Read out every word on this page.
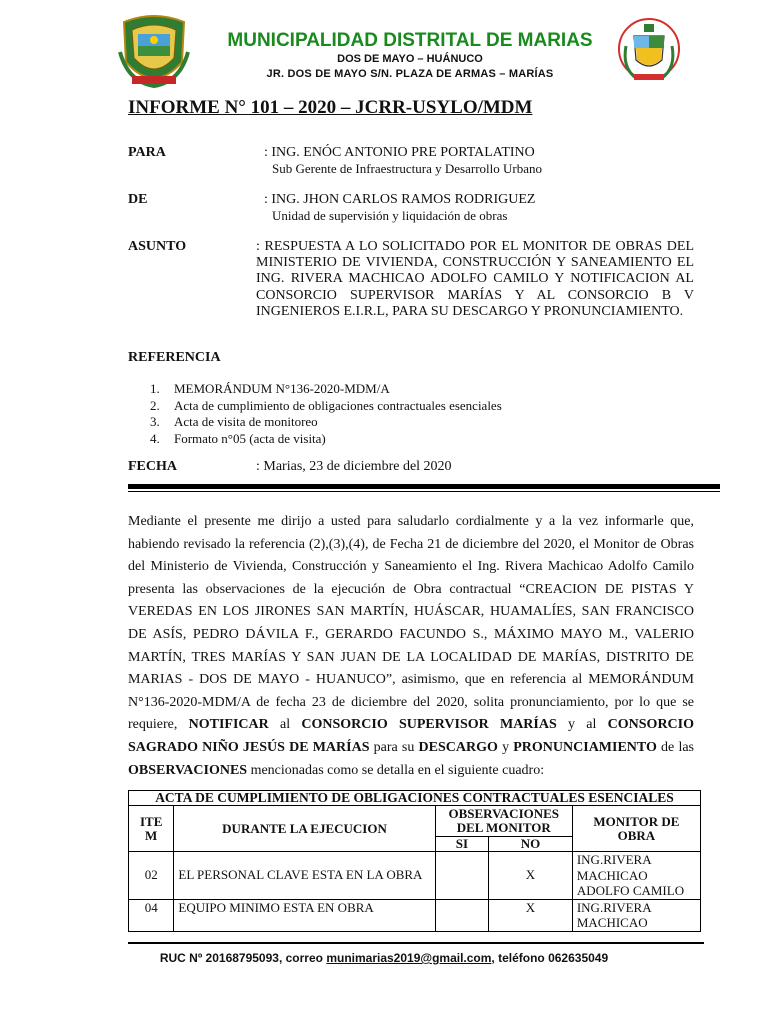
MUNICIPALIDAD DISTRITAL DE MARIAS
DOS DE MAYO – HUÁNUCO
JR. DOS DE MAYO S/N. PLAZA DE ARMAS – MARÍAS
INFORME N° 101 – 2020 – JCRR-USYLO/MDM
PARA	: ING. ENÓC ANTONIO PRE PORTALATINO
Sub Gerente de Infraestructura y Desarrollo Urbano
DE	: ING. JHON CARLOS RAMOS RODRIGUEZ
Unidad de supervisión y liquidación de obras
ASUNTO	: RESPUESTA A LO SOLICITADO POR EL MONITOR DE OBRAS DEL MINISTERIO DE VIVIENDA, CONSTRUCCIÓN Y SANEAMIENTO EL ING. RIVERA MACHICAO ADOLFO CAMILO Y NOTIFICACION AL CONSORCIO SUPERVISOR MARÍAS Y AL CONSORCIO B V INGENIEROS E.I.R.L, PARA SU DESCARGO Y PRONUNCIAMIENTO.
REFERENCIA
1. MEMORÁNDUM N°136-2020-MDM/A
2. Acta de cumplimiento de obligaciones contractuales esenciales
3. Acta de visita de monitoreo
4. Formato n°05 (acta de visita)
FECHA	: Marias, 23 de diciembre del 2020
Mediante el presente me dirijo a usted para saludarlo cordialmente y a la vez informarle que, habiendo revisado la referencia (2),(3),(4), de Fecha 21 de diciembre del 2020, el Monitor de Obras del Ministerio de Vivienda, Construcción y Saneamiento el Ing. Rivera Machicao Adolfo Camilo presenta las observaciones de la ejecución de Obra contractual “CREACION DE PISTAS Y VEREDAS EN LOS JIRONES SAN MARTÍN, HUÁSCAR, HUAMALÍES, SAN FRANCISCO DE ASÍS, PEDRO DÁVILA F., GERARDO FACUNDO S., MÁXIMO MAYO M., VALERIO MARTÍN, TRES MARÍAS Y SAN JUAN DE LA LOCALIDAD DE MARÍAS, DISTRITO DE MARIAS - DOS DE MAYO - HUANUCO”, asimismo, que en referencia al MEMORÁNDUM N°136-2020-MDM/A de fecha 23 de diciembre del 2020, solita pronunciamiento, por lo que se requiere, NOTIFICAR al CONSORCIO SUPERVISOR MARÍAS y al CONSORCIO SAGRADO NIÑO JESÚS DE MARÍAS para su DESCARGO y PRONUNCIAMIENTO de las OBSERVACIONES mencionadas como se detalla en el siguiente cuadro:
ACTA DE CUMPLIMIENTO DE OBLIGACIONES CONTRACTUALES ESENCIALES				
ITE M	DURANTE LA EJECUCION	OBSERVACIONES DEL MONITOR		MONITOR DE OBRA
		SI	NO	
02	EL PERSONAL CLAVE ESTA EN LA OBRA		X	ING.RIVERA MACHICAO ADOLFO CAMILO
04	EQUIPO MINIMO ESTA EN OBRA		X	ING.RIVERA MACHICAO
RUC Nº 20168795093, correo munimarias2019@gmail.com, teléfono 062635049
